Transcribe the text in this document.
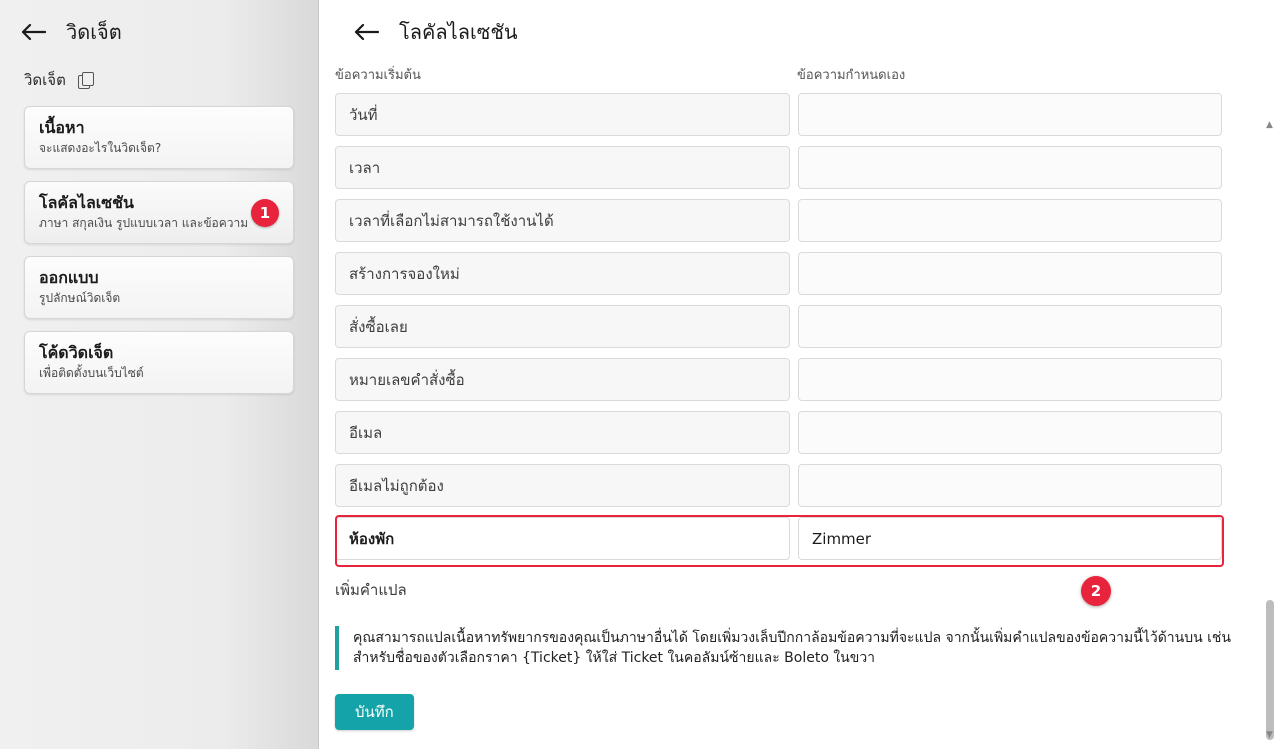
วิดเจ็ต
วิดเจ็ต
เนื้อหา
จะแสดงอะไรในวิดเจ็ต?
โลคัลไลเซชัน
ภาษา สกุลเงิน รูปแบบเวลา และข้อความ
1
ออกแบบ
รูปลักษณ์วิดเจ็ต
โค้ดวิดเจ็ต
เพื่อติดตั้งบนเว็บไซต์
โลคัลไลเซชัน
ข้อความเริ่มต้น	ข้อความกำหนดเอง
วันที่
เวลา
เวลาที่เลือกไม่สามารถใช้งานได้
สร้างการจองใหม่
สั่งซื้อเลย
หมายเลขคำสั่งซื้อ
อีเมล
อีเมลไม่ถูกต้อง
ห้องพัก	Zimmer
2
เพิ่มคำแปล
คุณสามารถแปลเนื้อหาทรัพยากรของคุณเป็นภาษาอื่นได้ โดยเพิ่มวงเล็บปีกกาล้อมข้อความที่จะแปล จากนั้นเพิ่มคำแปลของข้อความนี้ไว้ด้านบน เช่น สำหรับชื่อของตัวเลือกราคา {Ticket} ให้ใส่ Ticket ในคอลัมน์ซ้ายและ Boleto ในขวา
บันทึก
▲
▼
